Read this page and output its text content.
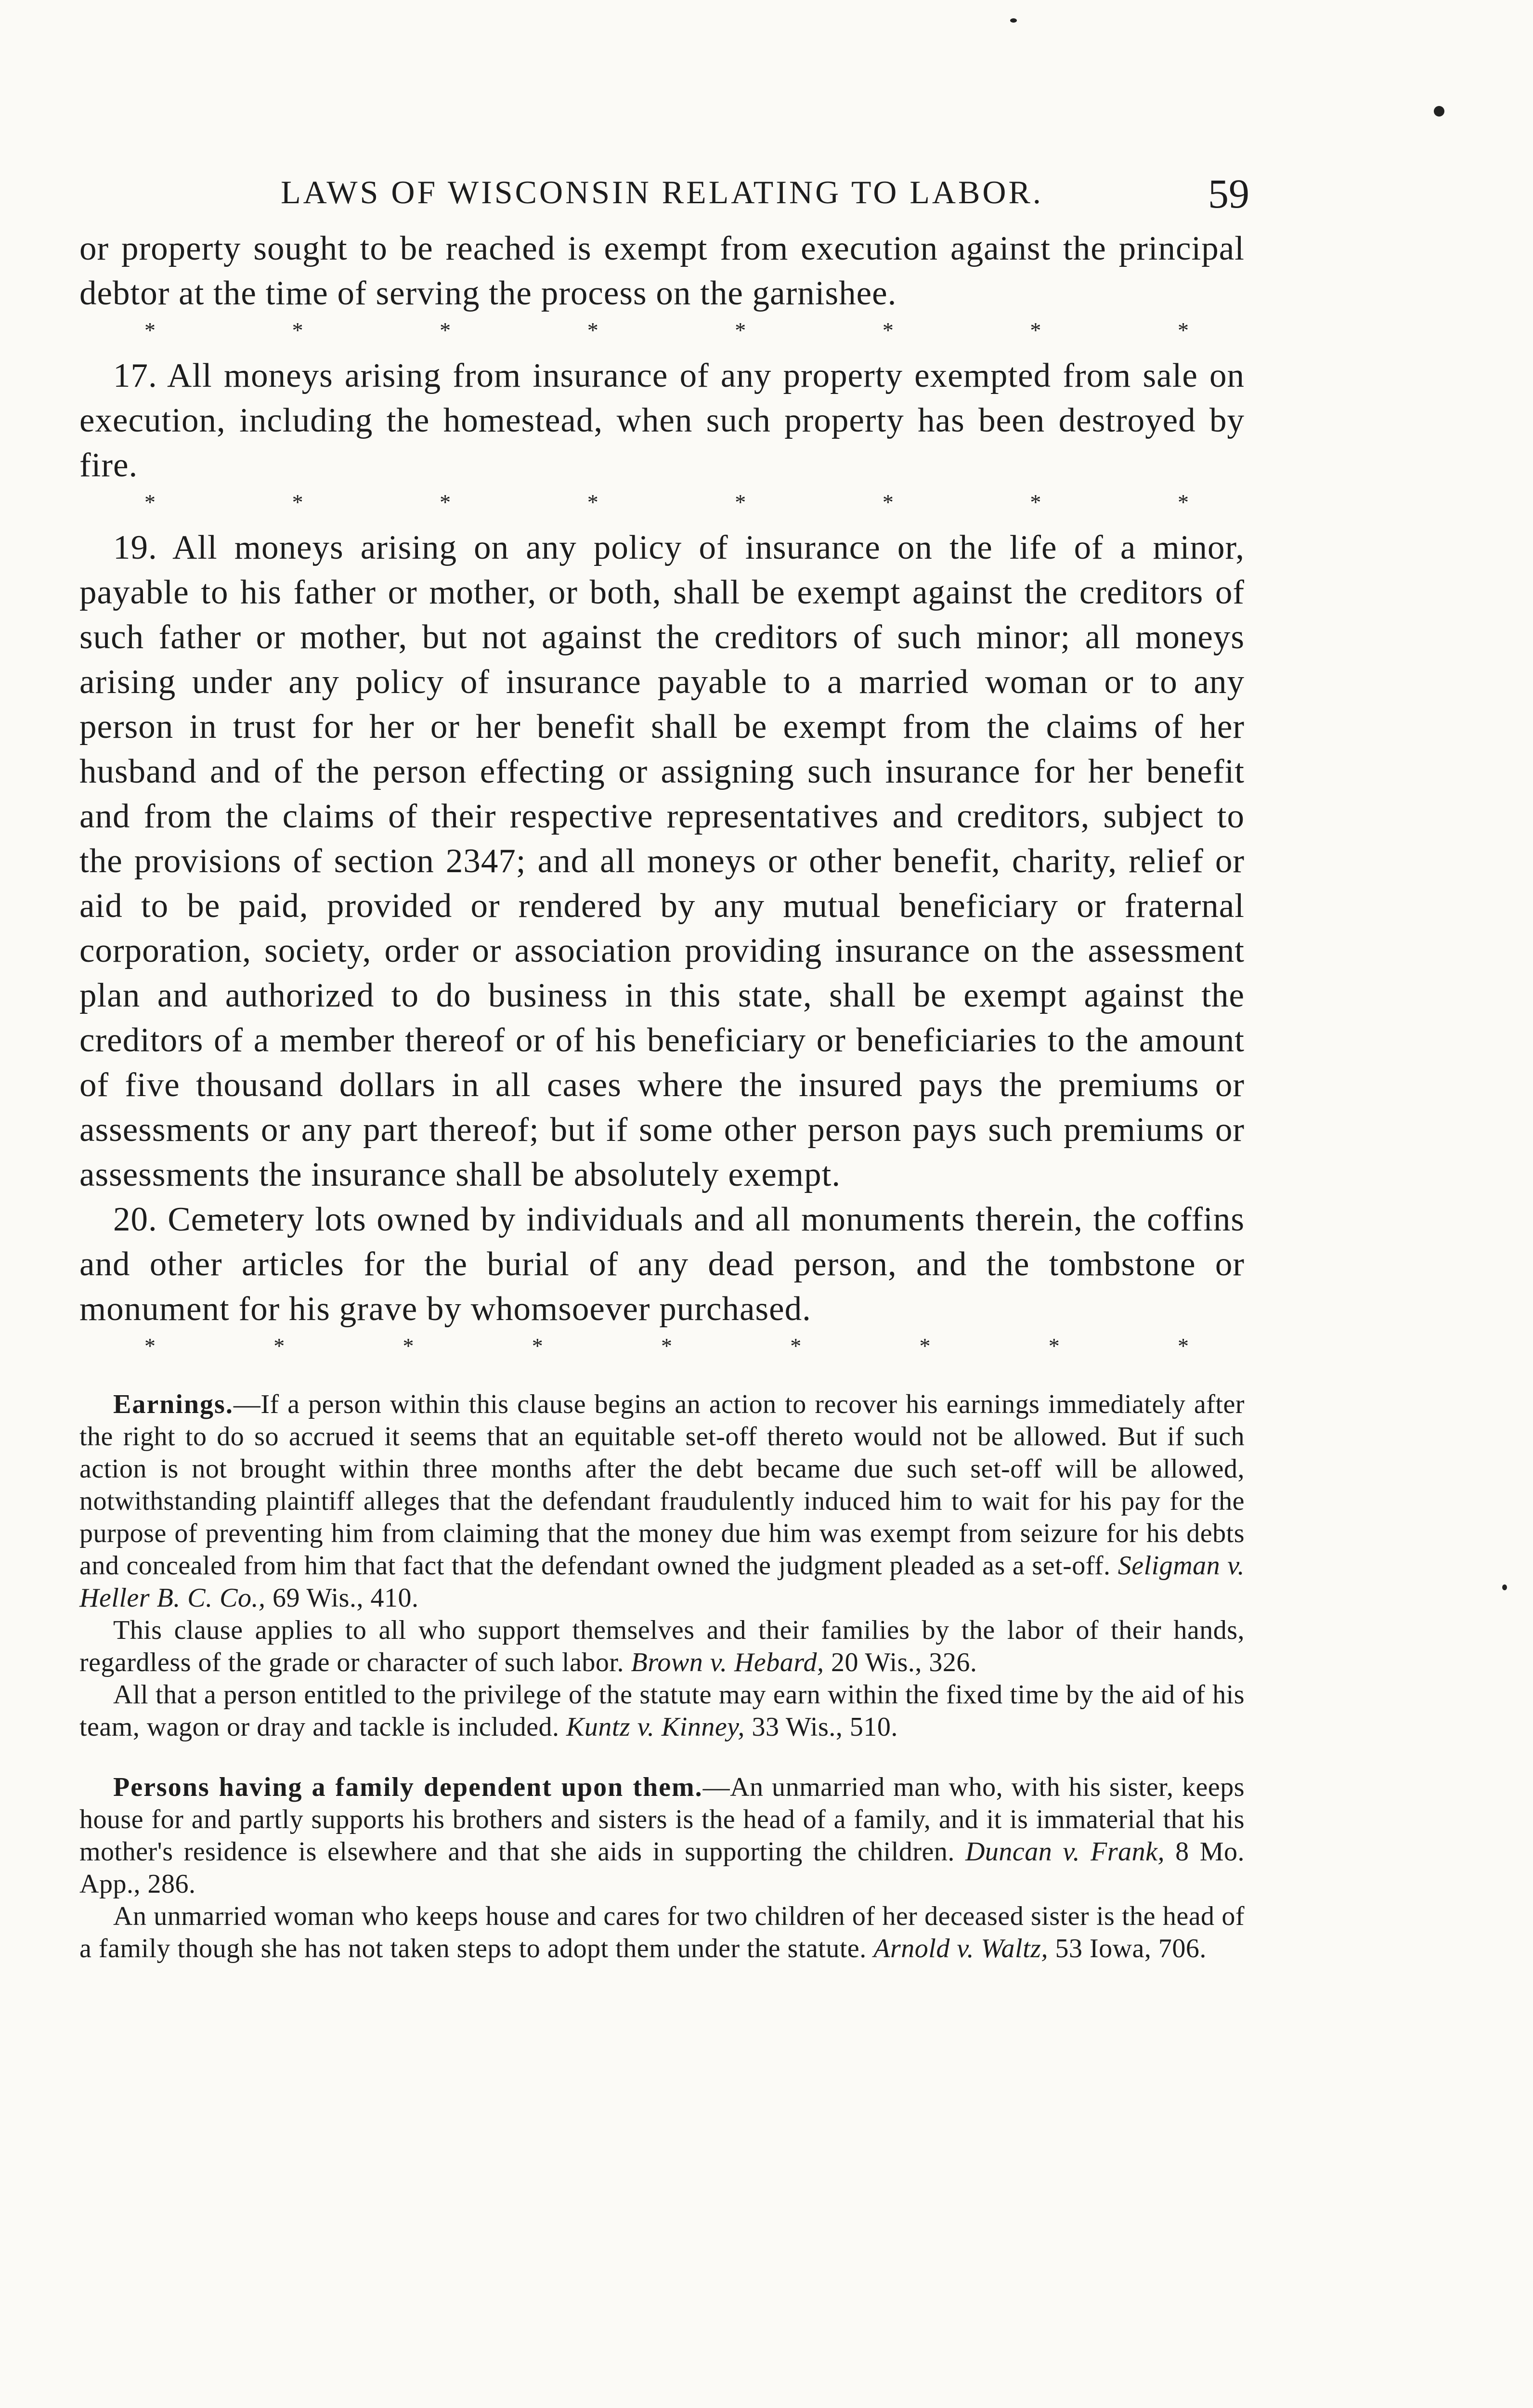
LAWS OF WISCONSIN RELATING TO LABOR.	59

or property sought to be reached is exempt from execution against the principal debtor at the time of serving the process on the garnishee.

*	*	*	*	*	*	*	*

17. All moneys arising from insurance of any property exempted from sale on execution, including the homestead, when such property has been destroyed by fire.

*	*	*	*	*	*	*	*

19. All moneys arising on any policy of insurance on the life of a minor, payable to his father or mother, or both, shall be exempt against the creditors of such father or mother, but not against the creditors of such minor; all moneys arising under any policy of insurance payable to a married woman or to any person in trust for her or her benefit shall be exempt from the claims of her husband and of the person effecting or assigning such insurance for her benefit and from the claims of their respective representatives and creditors, subject to the provisions of section 2347; and all moneys or other benefit, charity, relief or aid to be paid, provided or rendered by any mutual beneficiary or fraternal corporation, society, order or association providing insurance on the assessment plan and authorized to do business in this state, shall be exempt against the creditors of a member thereof or of his beneficiary or beneficiaries to the amount of five thousand dollars in all cases where the insured pays the premiums or assessments or any part thereof; but if some other person pays such premiums or assessments the insurance shall be absolutely exempt.

20. Cemetery lots owned by individuals and all monuments therein, the coffins and other articles for the burial of any dead person, and the tombstone or monument for his grave by whomsoever purchased.

*	*	*	*	*	*	*	*	*

Earnings.—If a person within this clause begins an action to recover his earnings immediately after the right to do so accrued it seems that an equitable set-off thereto would not be allowed. But if such action is not brought within three months after the debt became due such set-off will be allowed, notwithstanding plaintiff alleges that the defendant fraudulently induced him to wait for his pay for the purpose of preventing him from claiming that the money due him was exempt from seizure for his debts and concealed from him that fact that the defendant owned the judgment pleaded as a set-off. Seligman v. Heller B. C. Co., 69 Wis., 410.

This clause applies to all who support themselves and their families by the labor of their hands, regardless of the grade or character of such labor. Brown v. Hebard, 20 Wis., 326.

All that a person entitled to the privilege of the statute may earn within the fixed time by the aid of his team, wagon or dray and tackle is included. Kuntz v. Kinney, 33 Wis., 510.

Persons having a family dependent upon them.—An unmarried man who, with his sister, keeps house for and partly supports his brothers and sisters is the head of a family, and it is immaterial that his mother's residence is elsewhere and that she aids in supporting the children. Duncan v. Frank, 8 Mo. App., 286.

An unmarried woman who keeps house and cares for two children of her deceased sister is the head of a family though she has not taken steps to adopt them under the statute. Arnold v. Waltz, 53 Iowa, 706.
